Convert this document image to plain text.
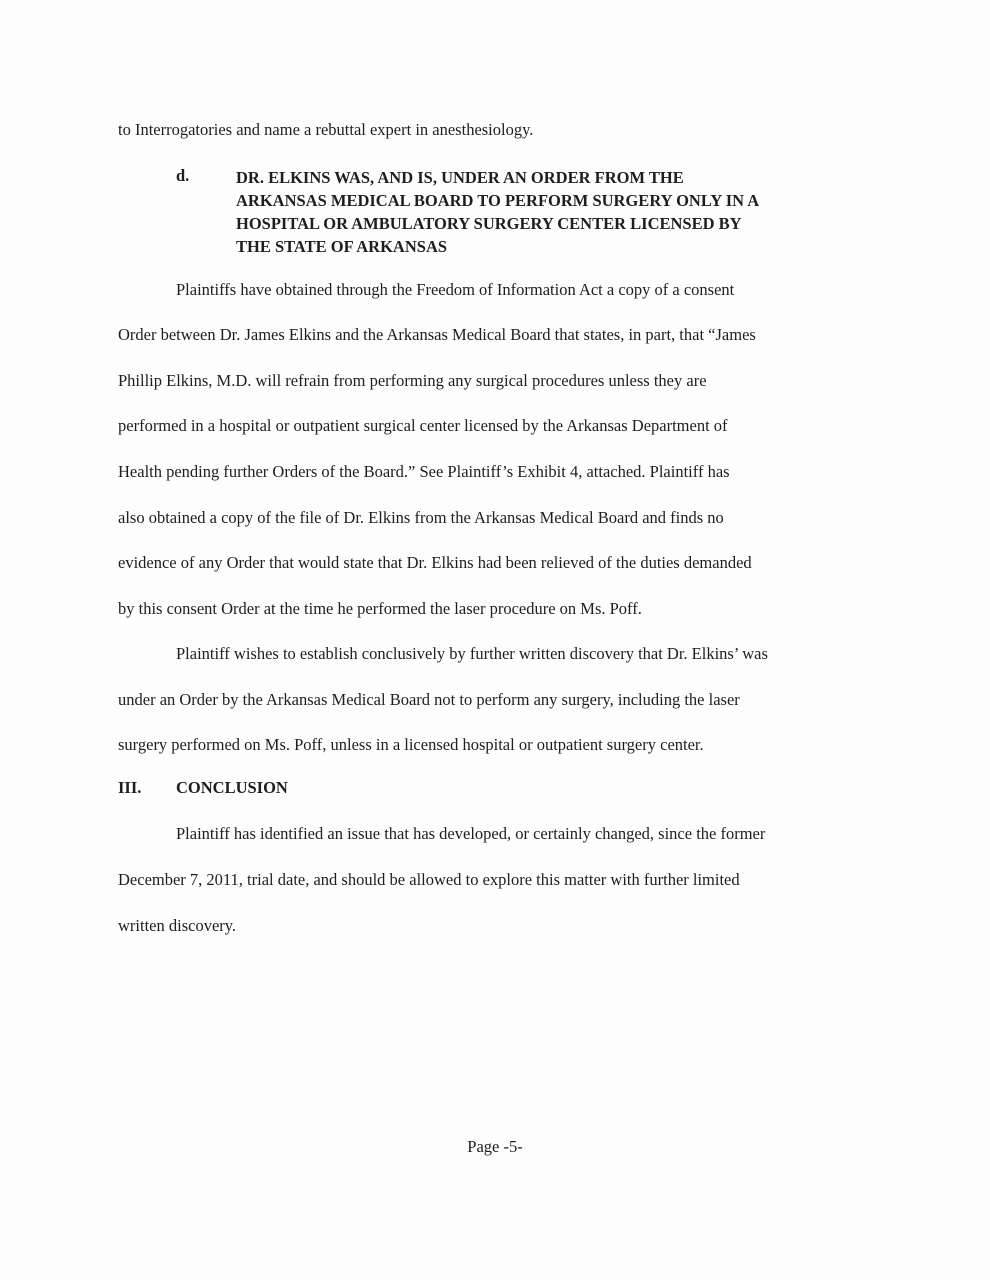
to Interrogatories and name a rebuttal expert in anesthesiology.
d.	DR. ELKINS WAS, AND IS, UNDER AN ORDER FROM THE
ARKANSAS MEDICAL BOARD TO PERFORM SURGERY ONLY IN A
HOSPITAL OR AMBULATORY SURGERY CENTER LICENSED BY
THE STATE OF ARKANSAS
Plaintiffs have obtained through the Freedom of Information Act a copy of a consent
Order between Dr. James Elkins and the Arkansas Medical Board that states, in part, that “James
Phillip Elkins, M.D. will refrain from performing any surgical procedures unless they are
performed in a hospital or outpatient surgical center licensed by the Arkansas Department of
Health pending further Orders of the Board.” See Plaintiff’s Exhibit 4, attached. Plaintiff has
also obtained a copy of the file of Dr. Elkins from the Arkansas Medical Board and finds no
evidence of any Order that would state that Dr. Elkins had been relieved of the duties demanded
by this consent Order at the time he performed the laser procedure on Ms. Poff.
Plaintiff wishes to establish conclusively by further written discovery that Dr. Elkins’ was
under an Order by the Arkansas Medical Board not to perform any surgery, including the laser
surgery performed on Ms. Poff, unless in a licensed hospital or outpatient surgery center.
III. CONCLUSION
Plaintiff has identified an issue that has developed, or certainly changed, since the former
December 7, 2011, trial date, and should be allowed to explore this matter with further limited
written discovery.
Page -5-
